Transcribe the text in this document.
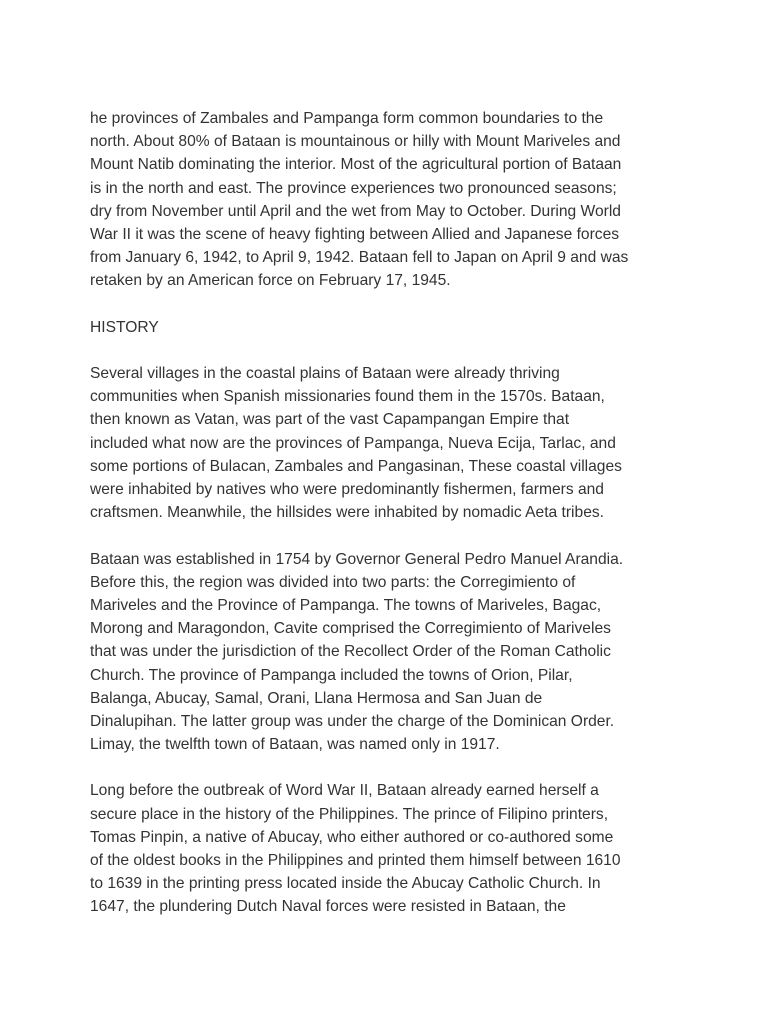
he provinces of Zambales and Pampanga form common boundaries to the
north. About 80% of Bataan is mountainous or hilly with Mount Mariveles and
Mount Natib dominating the interior. Most of the agricultural portion of Bataan
is in the north and east. The province experiences two pronounced seasons;
dry from November until April and the wet from May to October. During World
War II it was the scene of heavy fighting between Allied and Japanese forces
from January 6, 1942, to April 9, 1942. Bataan fell to Japan on April 9 and was
retaken by an American force on February 17, 1945.
HISTORY
Several villages in the coastal plains of Bataan were already thriving
communities when Spanish missionaries found them in the 1570s. Bataan,
then known as Vatan, was part of the vast Capampangan Empire that
included what now are the provinces of Pampanga, Nueva Ecija, Tarlac, and
some portions of Bulacan, Zambales and Pangasinan, These coastal villages
were inhabited by natives who were predominantly fishermen, farmers and
craftsmen. Meanwhile, the hillsides were inhabited by nomadic Aeta tribes.
Bataan was established in 1754 by Governor General Pedro Manuel Arandia.
Before this, the region was divided into two parts: the Corregimiento of
Mariveles and the Province of Pampanga. The towns of Mariveles, Bagac,
Morong and Maragondon, Cavite comprised the Corregimiento of Mariveles
that was under the jurisdiction of the Recollect Order of the Roman Catholic
Church. The province of Pampanga included the towns of Orion, Pilar,
Balanga, Abucay, Samal, Orani, Llana Hermosa and San Juan de
Dinalupihan. The latter group was under the charge of the Dominican Order.
Limay, the twelfth town of Bataan, was named only in 1917.
Long before the outbreak of Word War II, Bataan already earned herself a
secure place in the history of the Philippines. The prince of Filipino printers,
Tomas Pinpin, a native of Abucay, who either authored or co-authored some
of the oldest books in the Philippines and printed them himself between 1610
to 1639 in the printing press located inside the Abucay Catholic Church. In
1647, the plundering Dutch Naval forces were resisted in Bataan, the
